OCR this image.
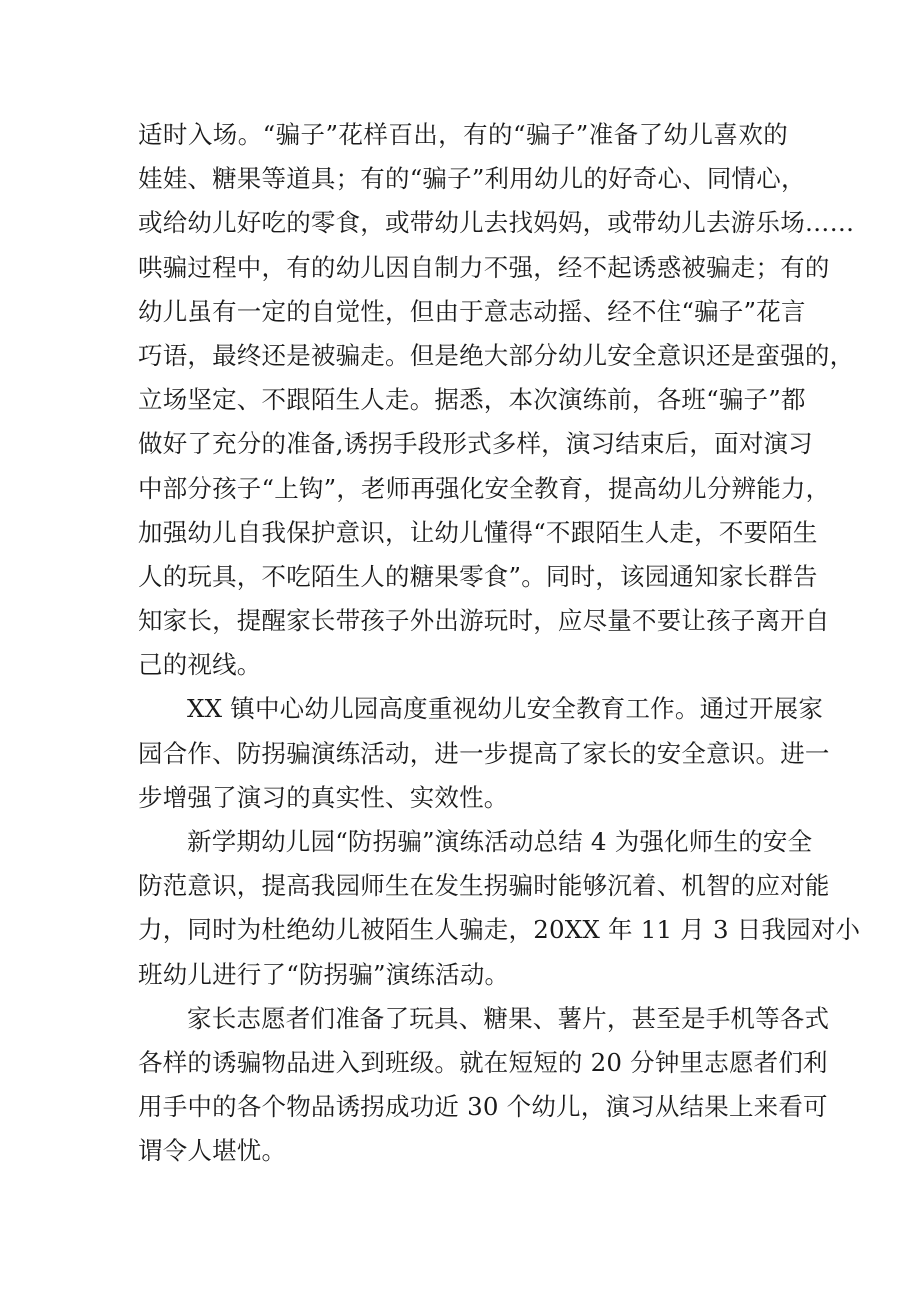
适时入场。“骗子”花样百出，有的“骗子”准备了幼儿喜欢的
娃娃、糖果等道具；有的“骗子”利用幼儿的好奇心、同情心，
或给幼儿好吃的零食，或带幼儿去找妈妈，或带幼儿去游乐场……
哄骗过程中，有的幼儿因自制力不强，经不起诱惑被骗走；有的
幼儿虽有一定的自觉性，但由于意志动摇、经不住“骗子”花言
巧语，最终还是被骗走。但是绝大部分幼儿安全意识还是蛮强的，
立场坚定、不跟陌生人走。据悉，本次演练前，各班“骗子”都
做好了充分的准备,诱拐手段形式多样，演习结束后，面对演习
中部分孩子“上钩”，老师再强化安全教育，提高幼儿分辨能力，
加强幼儿自我保护意识，让幼儿懂得“不跟陌生人走，不要陌生
人的玩具，不吃陌生人的糖果零食”。同时，该园通知家长群告
知家长，提醒家长带孩子外出游玩时，应尽量不要让孩子离开自
己的视线。
XX 镇中心幼儿园高度重视幼儿安全教育工作。通过开展家
园合作、防拐骗演练活动，进一步提高了家长的安全意识。进一
步增强了演习的真实性、实效性。
新学期幼儿园“防拐骗”演练活动总结 4 为强化师生的安全
防范意识，提高我园师生在发生拐骗时能够沉着、机智的应对能
力，同时为杜绝幼儿被陌生人骗走，20XX 年 11 月 3 日我园对小
班幼儿进行了“防拐骗”演练活动。
家长志愿者们准备了玩具、糖果、薯片，甚至是手机等各式
各样的诱骗物品进入到班级。就在短短的 20 分钟里志愿者们利
用手中的各个物品诱拐成功近 30 个幼儿，演习从结果上来看可
谓令人堪忧。
